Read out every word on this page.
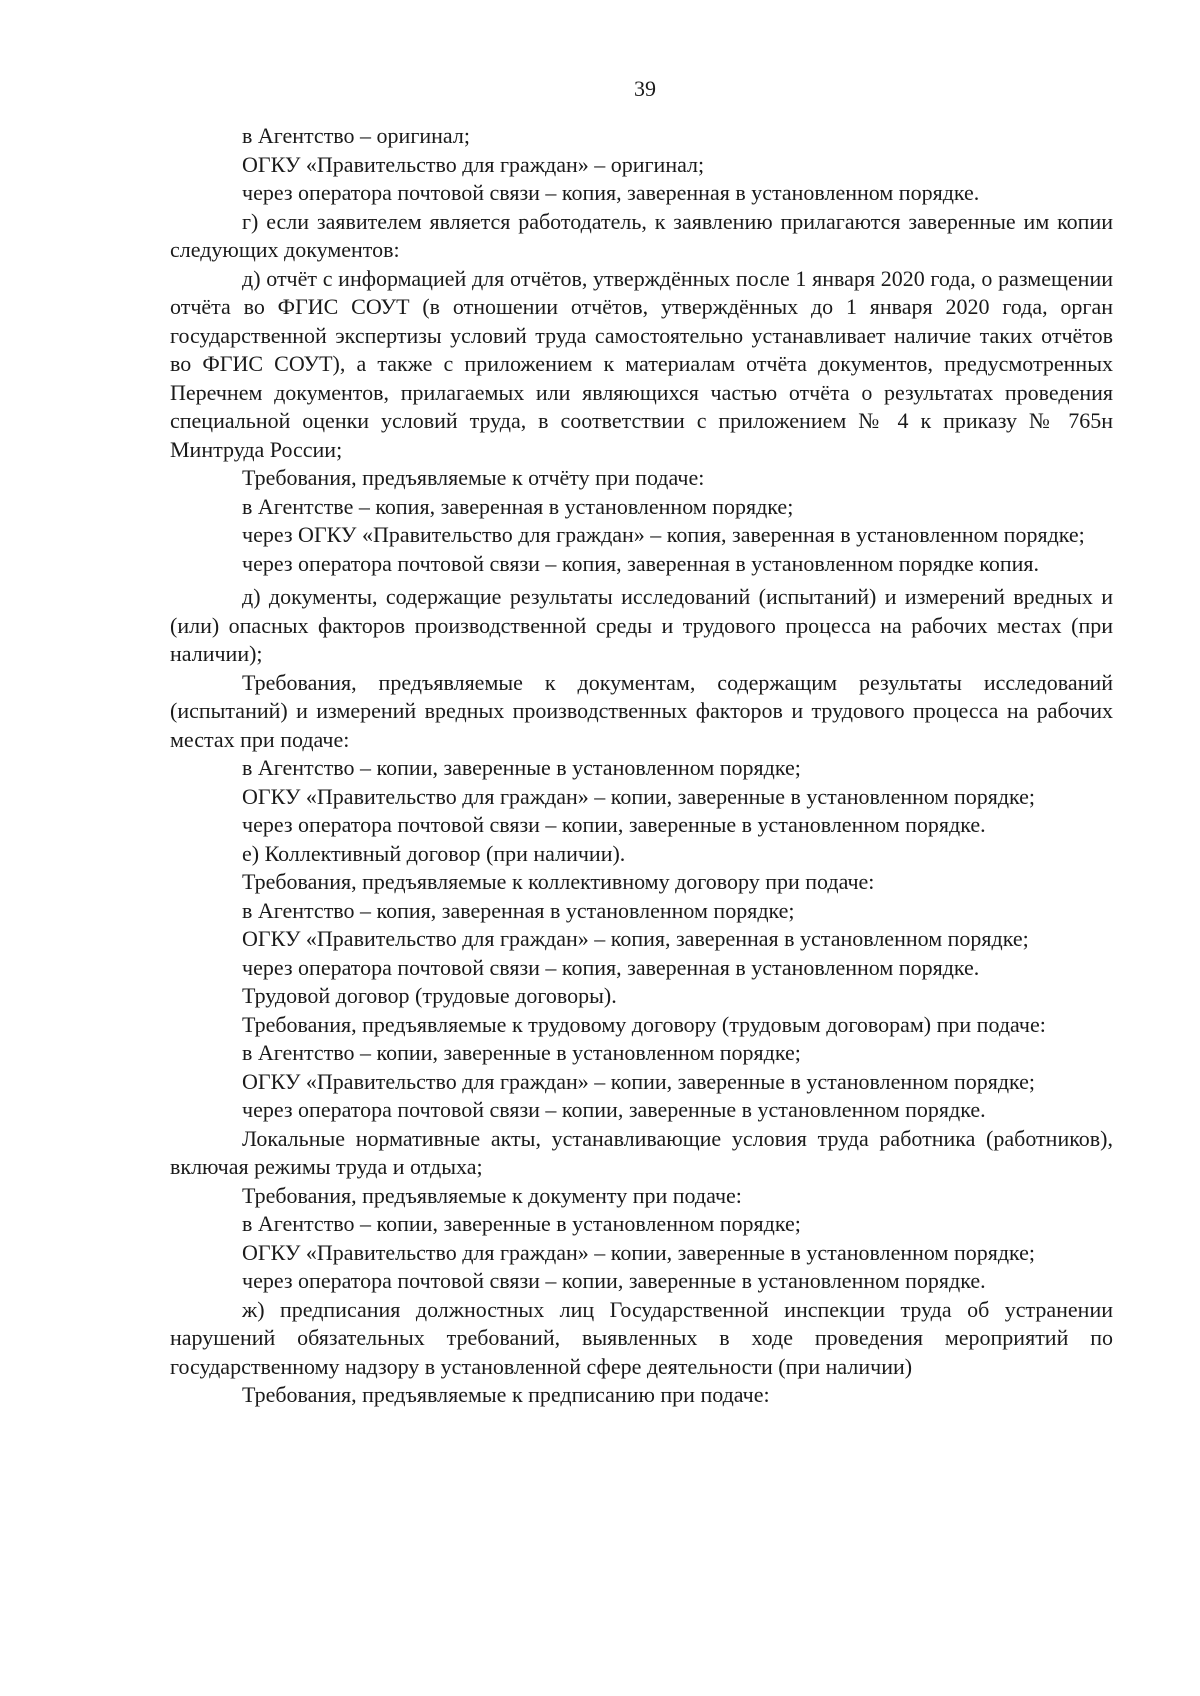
39

в Агентство – оригинал;

ОГКУ «Правительство для граждан» – оригинал;

через оператора почтовой связи – копия, заверенная в установленном порядке.

г) если заявителем является работодатель, к заявлению прилагаются заверенные им копии следующих документов:

д) отчёт с информацией для отчётов, утверждённых после 1 января 2020 года, о размещении отчёта во ФГИС СОУТ (в отношении отчётов, утверждённых до 1 января 2020 года, орган государственной экспертизы условий труда самостоятельно устанавливает наличие таких отчётов во ФГИС СОУТ), а также с приложением к материалам отчёта документов, предусмотренных Перечнем документов, прилагаемых или являющихся частью отчёта о результатах проведения специальной оценки условий труда, в соответствии с приложением № 4 к приказу № 765н Минтруда России;

Требования, предъявляемые к отчёту при подаче:

в Агентстве – копия, заверенная в установленном порядке;

через ОГКУ «Правительство для граждан» – копия, заверенная в установленном порядке;

через оператора почтовой связи – копия, заверенная в установленном порядке копия.

д) документы, содержащие результаты исследований (испытаний) и измерений вредных и (или) опасных факторов производственной среды и трудового процесса на рабочих местах (при наличии);

Требования, предъявляемые к документам, содержащим результаты исследований (испытаний) и измерений вредных производственных факторов и трудового процесса на рабочих местах при подаче:

в Агентство – копии, заверенные в установленном порядке;

ОГКУ «Правительство для граждан» – копии, заверенные в установленном порядке;

через оператора почтовой связи – копии, заверенные в установленном порядке.

е) Коллективный договор (при наличии).

Требования, предъявляемые к коллективному договору при подаче:

в Агентство – копия, заверенная в установленном порядке;

ОГКУ «Правительство для граждан» – копия, заверенная в установленном порядке;

через оператора почтовой связи – копия, заверенная в установленном порядке.

Трудовой договор (трудовые договоры).

Требования, предъявляемые к трудовому договору (трудовым договорам) при подаче:

в Агентство – копии, заверенные в установленном порядке;

ОГКУ «Правительство для граждан» – копии, заверенные в установленном порядке;

через оператора почтовой связи – копии, заверенные в установленном порядке.

Локальные нормативные акты, устанавливающие условия труда работника (работников), включая режимы труда и отдыха;

Требования, предъявляемые к документу при подаче:

в Агентство – копии, заверенные в установленном порядке;

ОГКУ «Правительство для граждан» – копии, заверенные в установленном порядке;

через оператора почтовой связи – копии, заверенные в установленном порядке.

ж) предписания должностных лиц Государственной инспекции труда об устранении нарушений обязательных требований, выявленных в ходе проведения мероприятий по государственному надзору в установленной сфере деятельности (при наличии)

Требования, предъявляемые к предписанию при подаче:
